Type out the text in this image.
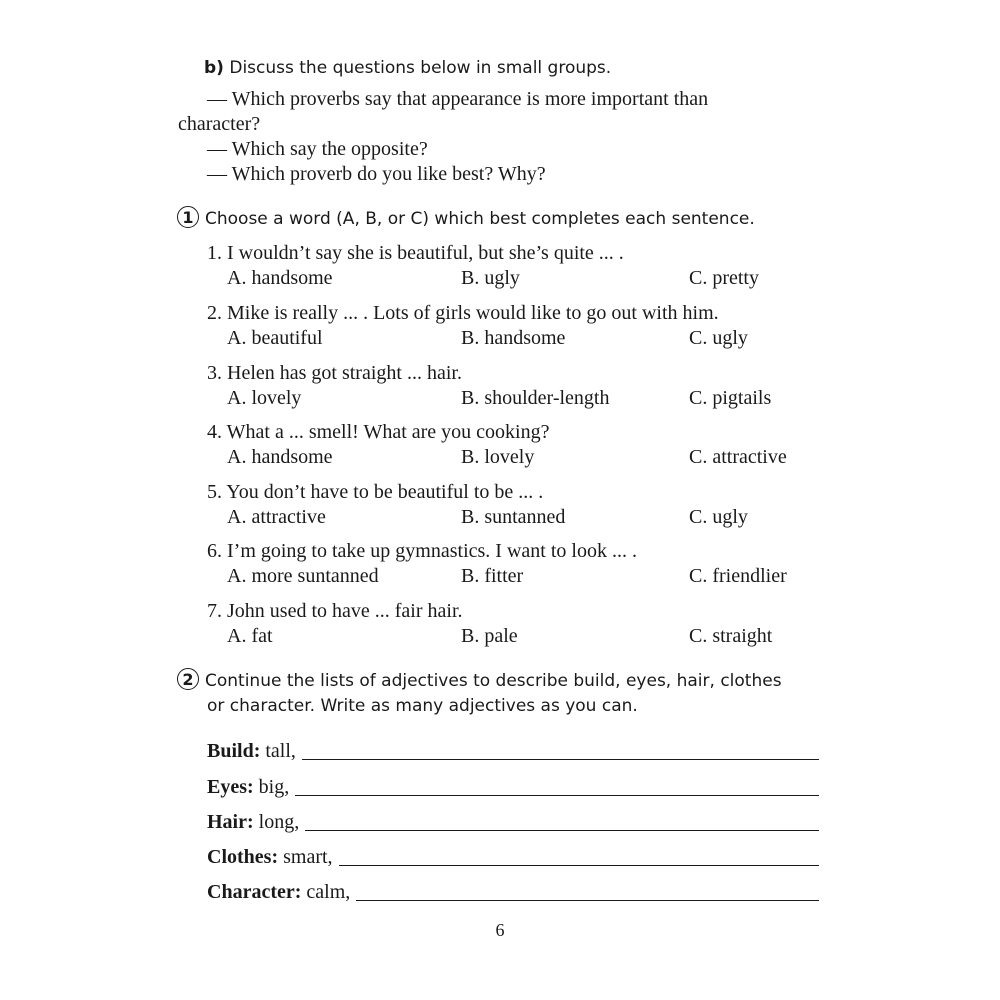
b) Discuss the questions below in small groups.
— Which proverbs say that appearance is more important than
character?
— Which say the opposite?
— Which proverb do you like best? Why?
1 Choose a word (A, B, or C) which best completes each sentence.
1. I wouldn’t say she is beautiful, but she’s quite ... .
A. handsome	B. ugly	C. pretty
2. Mike is really ... . Lots of girls would like to go out with him.
A. beautiful	B. handsome	C. ugly
3. Helen has got straight ... hair.
A. lovely	B. shoulder-length	C. pigtails
4. What a ... smell! What are you cooking?
A. handsome	B. lovely	C. attractive
5. You don’t have to be beautiful to be ... .
A. attractive	B. suntanned	C. ugly
6. I’m going to take up gymnastics. I want to look ... .
A. more suntanned	B. fitter	C. friendlier
7. John used to have ... fair hair.
A. fat	B. pale	C. straight
2 Continue the lists of adjectives to describe build, eyes, hair, clothes
or character. Write as many adjectives as you can.
Build: tall,
Eyes: big,
Hair: long,
Clothes: smart,
Character: calm,
6
